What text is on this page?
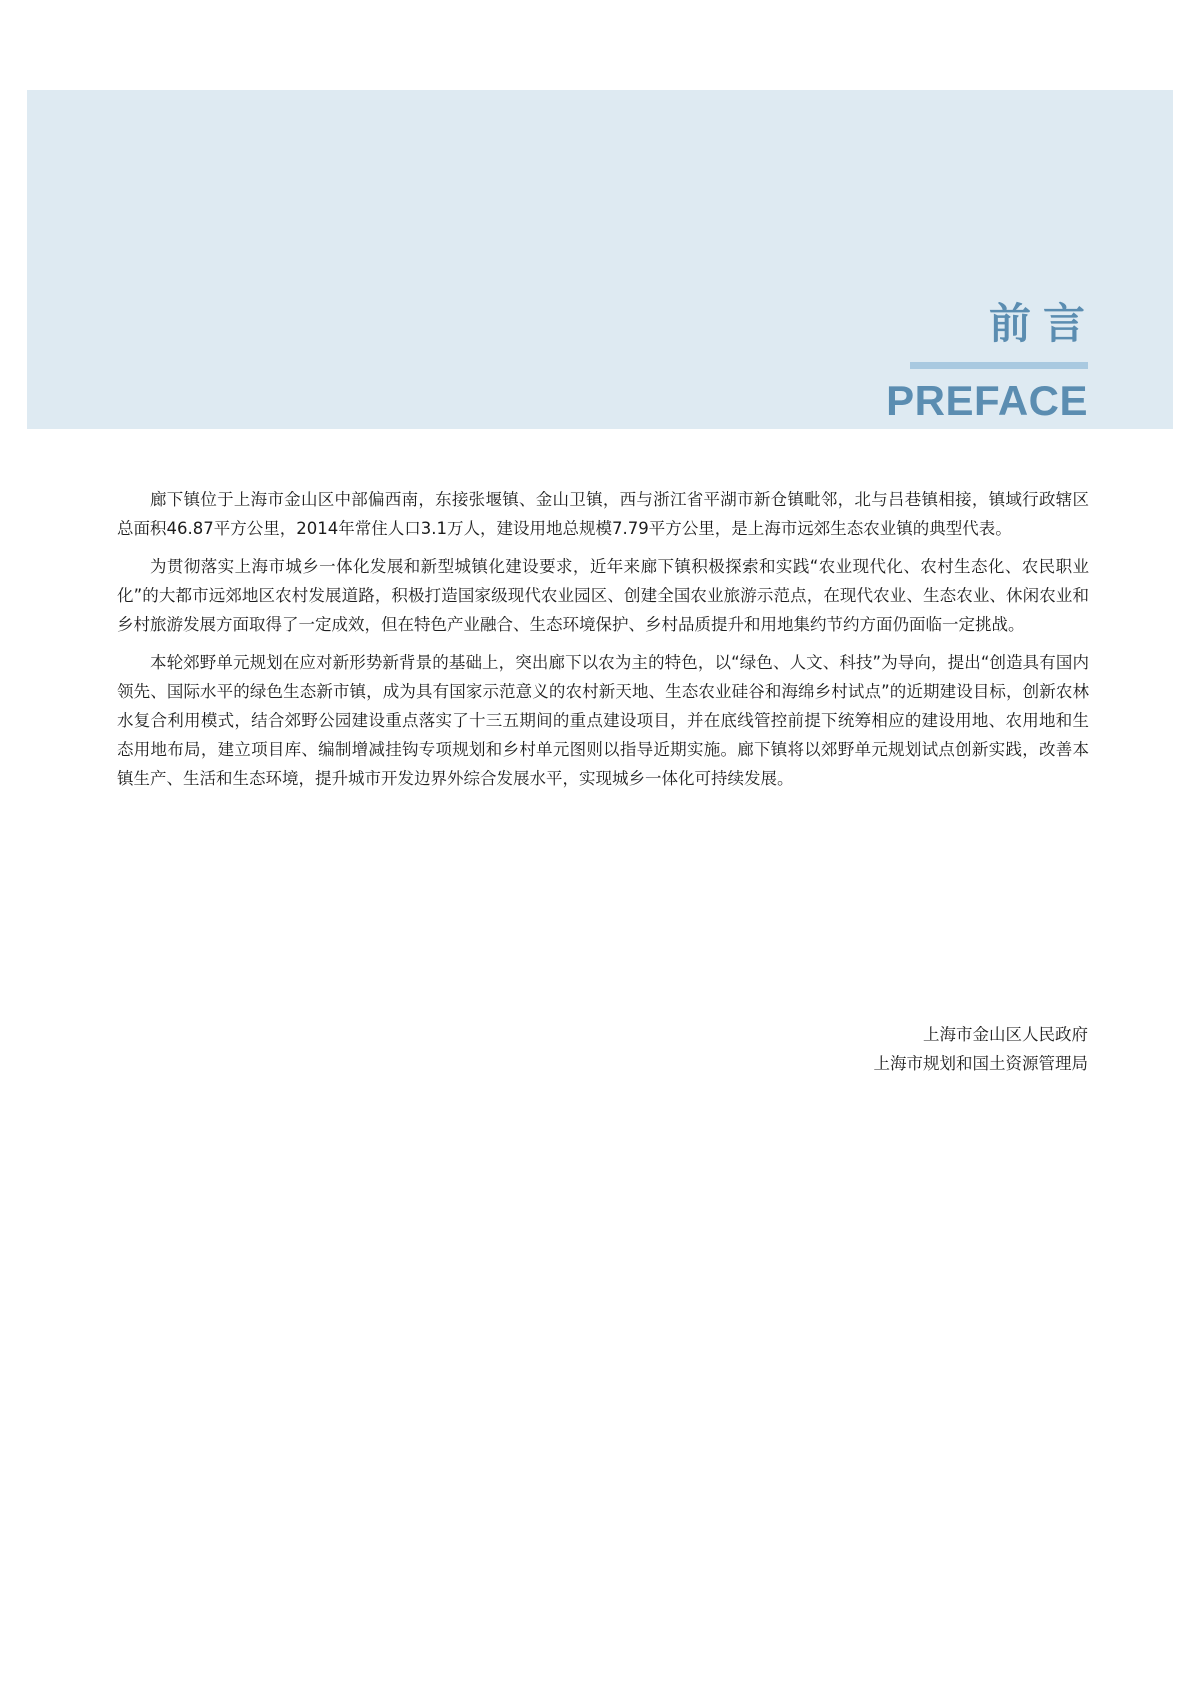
前言
PREFACE

廊下镇位于上海市金山区中部偏西南，东接张堰镇、金山卫镇，西与浙江省平湖市新仓镇毗邻，北与吕巷镇相接，镇域行政辖区总面积46.87平方公里，2014年常住人口3.1万人，建设用地总规模7.79平方公里，是上海市远郊生态农业镇的典型代表。

为贯彻落实上海市城乡一体化发展和新型城镇化建设要求，近年来廊下镇积极探索和实践“农业现代化、农村生态化、农民职业化”的大都市远郊地区农村发展道路，积极打造国家级现代农业园区、创建全国农业旅游示范点，在现代农业、生态农业、休闲农业和乡村旅游发展方面取得了一定成效，但在特色产业融合、生态环境保护、乡村品质提升和用地集约节约方面仍面临一定挑战。

本轮郊野单元规划在应对新形势新背景的基础上，突出廊下以农为主的特色，以“绿色、人文、科技”为导向，提出“创造具有国内领先、国际水平的绿色生态新市镇，成为具有国家示范意义的农村新天地、生态农业硅谷和海绵乡村试点”的近期建设目标，创新农林水复合利用模式，结合郊野公园建设重点落实了十三五期间的重点建设项目，并在底线管控前提下统筹相应的建设用地、农用地和生态用地布局，建立项目库、编制增减挂钩专项规划和乡村单元图则以指导近期实施。廊下镇将以郊野单元规划试点创新实践，改善本镇生产、生活和生态环境，提升城市开发边界外综合发展水平，实现城乡一体化可持续发展。

上海市金山区人民政府
上海市规划和国土资源管理局
